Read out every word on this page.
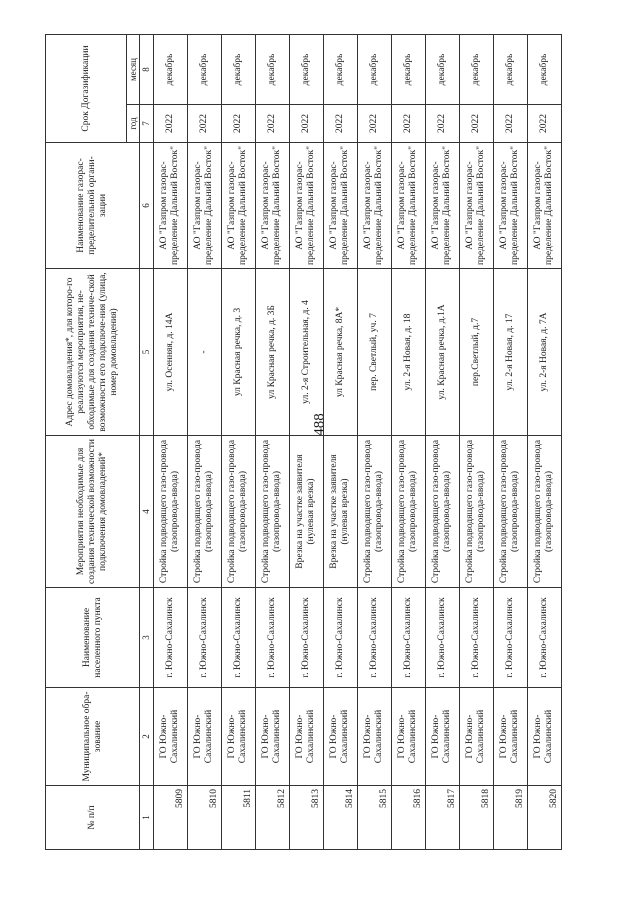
488
№ п/п	Муниципальное обра-зование	Наименование населенного пункта	Мероприятия необходимые для создания технической возможности подключения домовладений*	Адрес домовладения*, для которо-го реализуются мероприятия, не-обходимые для создания техниче-ской возможности его подключе-ния (улица, номер домовладения)	Наименование газорас-пределительной органи-зации	Срок Догазификации	
						год	месяц
1	2	3	4	5	6	7	8
5809	ГО Южно-Сахалинский	г. Южно-Сахалинск	Стройка подводящего газо-провода (газопровода-ввода)	ул. Осенняя, д. 14А	АО "Газпром газорас-пределение Дальний Восток"	2022	декабрь
5810	ГО Южно-Сахалинский	г. Южно-Сахалинск	Стройка подводящего газо-провода (газопровода-ввода)	-	АО "Газпром газорас-пределение Дальний Восток"	2022	декабрь
5811	ГО Южно-Сахалинский	г. Южно-Сахалинск	Стройка подводящего газо-провода (газопровода-ввода)	ул Красная речка, д. 3	АО "Газпром газорас-пределение Дальний Восток"	2022	декабрь
5812	ГО Южно-Сахалинский	г. Южно-Сахалинск	Стройка подводящего газо-провода (газопровода-ввода)	ул Красная речка, д. 3Б	АО "Газпром газорас-пределение Дальний Восток"	2022	декабрь
5813	ГО Южно-Сахалинский	г. Южно-Сахалинск	Врезка на участке заявителя (нулевая врезка)	ул. 2-я Строительная, д. 4	АО "Газпром газорас-пределение Дальний Восток"	2022	декабрь
5814	ГО Южно-Сахалинский	г. Южно-Сахалинск	Врезка на участке заявителя (нулевая врезка)	ул Красная речка, 8А*	АО "Газпром газорас-пределение Дальний Восток"	2022	декабрь
5815	ГО Южно-Сахалинский	г. Южно-Сахалинск	Стройка подводящего газо-провода (газопровода-ввода)	пер. Светлый, уч. 7	АО "Газпром газорас-пределение Дальний Восток"	2022	декабрь
5816	ГО Южно-Сахалинский	г. Южно-Сахалинск	Стройка подводящего газо-провода (газопровода-ввода)	ул. 2-я Новая, д. 18	АО "Газпром газорас-пределение Дальний Восток"	2022	декабрь
5817	ГО Южно-Сахалинский	г. Южно-Сахалинск	Стройка подводящего газо-провода (газопровода-ввода)	ул. Красная речка, д.1А	АО "Газпром газорас-пределение Дальний Восток"	2022	декабрь
5818	ГО Южно-Сахалинский	г. Южно-Сахалинск	Стройка подводящего газо-провода (газопровода-ввода)	пер.Светлый, д.7	АО "Газпром газорас-пределение Дальний Восток"	2022	декабрь
5819	ГО Южно-Сахалинский	г. Южно-Сахалинск	Стройка подводящего газо-провода (газопровода-ввода)	ул. 2-я Новая, д. 17	АО "Газпром газорас-пределение Дальний Восток"	2022	декабрь
5820	ГО Южно-Сахалинский	г. Южно-Сахалинск	Стройка подводящего газо-провода (газопровода-ввода)	ул. 2-я Новая, д. 7А	АО "Газпром газорас-пределение Дальний Восток"	2022	декабрь
